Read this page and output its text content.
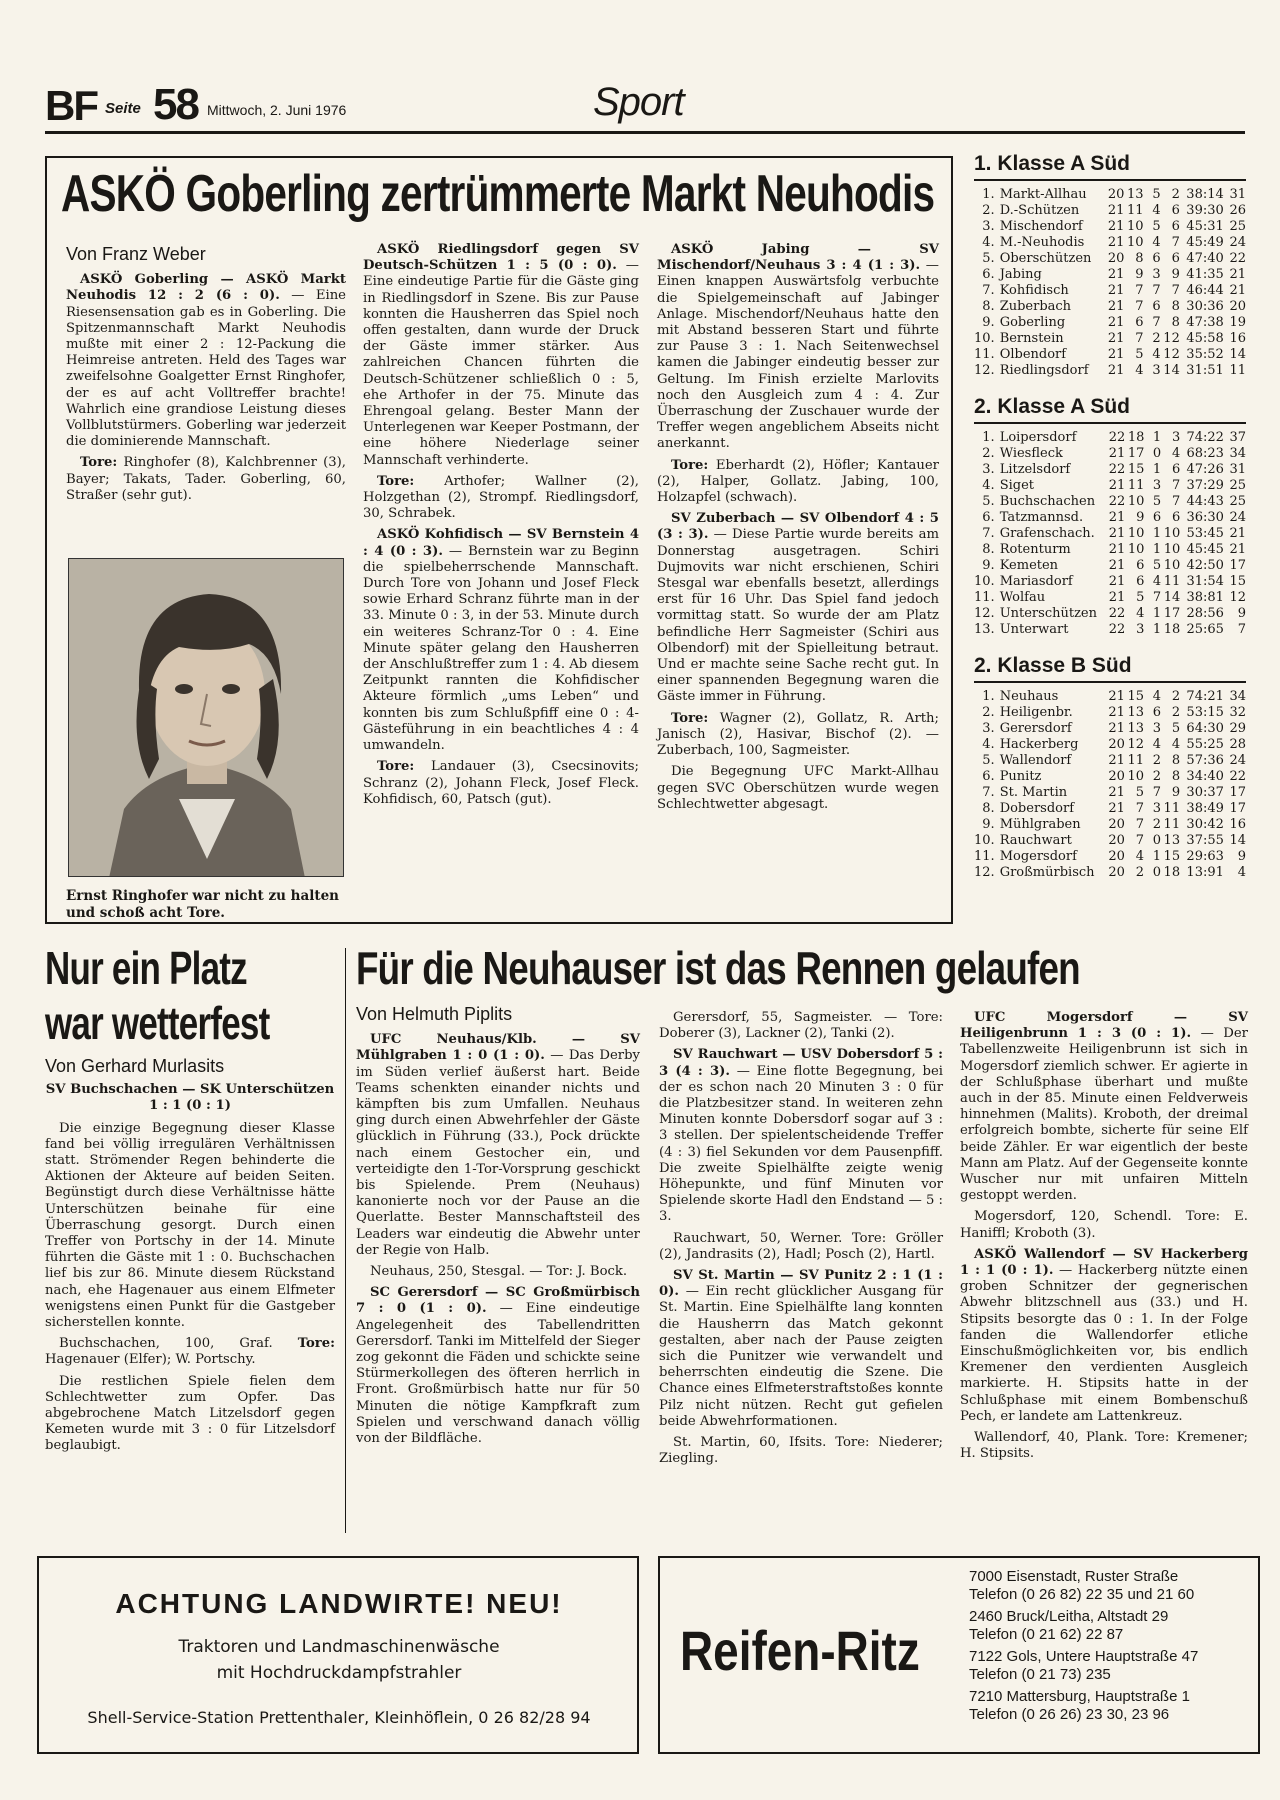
BF Seite 58 Mittwoch, 2. Juni 1976	Sport
ASKÖ Goberling zertrümmerte Markt Neuhodis
Von Franz Weber

ASKÖ Goberling — ASKÖ Markt Neuhodis 12 : 2 (6 : 0). — Eine Riesensensation gab es in Goberling. Die Spitzenmannschaft Markt Neuhodis mußte mit einer 2 : 12-Packung die Heimreise antreten. Held des Tages war zweifelsohne Goalgetter Ernst Ringhofer, der es auf acht Volltreffer brachte! Wahrlich eine grandiose Leistung dieses Vollblutstürmers. Goberling war jederzeit die dominierende Mannschaft.

Tore: Ringhofer (8), Kalchbrenner (3), Bayer; Takats, Tader. Goberling, 60, Straßer (sehr gut).

Ernst Ringhofer war nicht zu halten und schoß acht Tore.

ASKÖ Riedlingsdorf gegen SV Deutsch-Schützen 1 : 5 (0 : 0). — Eine eindeutige Partie für die Gäste ging in Riedlingsdorf in Szene. Bis zur Pause konnten die Hausherren das Spiel noch offen gestalten, dann wurde der Druck der Gäste immer stärker. Aus zahlreichen Chancen führten die Deutsch-Schützener schließlich 0 : 5, ehe Arthofer in der 75. Minute das Ehrengoal gelang. Bester Mann der Unterlegenen war Keeper Postmann, der eine höhere Niederlage seiner Mannschaft verhinderte.

Tore: Arthofer; Wallner (2), Holzgethan (2), Strompf. Riedlingsdorf, 30, Schrabek.

ASKÖ Kohfidisch — SV Bernstein 4 : 4 (0 : 3). — Bernstein war zu Beginn die spielbeherrschende Mannschaft. Durch Tore von Johann und Josef Fleck sowie Erhard Schranz führte man in der 33. Minute 0 : 3, in der 53. Minute durch ein weiteres Schranz-Tor 0 : 4. Eine Minute später gelang den Hausherren der Anschlußtreffer zum 1 : 4. Ab diesem Zeitpunkt rannten die Kohfidischer Akteure förmlich „ums Leben“ und konnten bis zum Schlußpfiff eine 0 : 4-Gästeführung in ein beachtliches 4 : 4 umwandeln.

Tore: Landauer (3), Csecsinovits; Schranz (2), Johann Fleck, Josef Fleck. Kohfidisch, 60, Patsch (gut).

ASKÖ Jabing — SV Mischendorf/Neuhaus 3 : 4 (1 : 3). — Einen knappen Auswärtsfolg verbuchte die Spielgemeinschaft auf Jabinger Anlage. Mischendorf/Neuhaus hatte den mit Abstand besseren Start und führte zur Pause 3 : 1. Nach Seitenwechsel kamen die Jabinger eindeutig besser zur Geltung. Im Finish erzielte Marlovits noch den Ausgleich zum 4 : 4. Zur Überraschung der Zuschauer wurde der Treffer wegen angeblichem Abseits nicht anerkannt.

Tore: Eberhardt (2), Höfler; Kantauer (2), Halper, Gollatz. Jabing, 100, Holzapfel (schwach).

SV Zuberbach — SV Olbendorf 4 : 5 (3 : 3). — Diese Partie wurde bereits am Donnerstag ausgetragen. Schiri Dujmovits war nicht erschienen, Schiri Stesgal war ebenfalls besetzt, allerdings erst für 16 Uhr. Das Spiel fand jedoch vormittag statt. So wurde der am Platz befindliche Herr Sagmeister (Schiri aus Olbendorf) mit der Spielleitung betraut. Und er machte seine Sache recht gut. In einer spannenden Begegnung waren die Gäste immer in Führung.

Tore: Wagner (2), Gollatz, R. Arth; Janisch (2), Hasivar, Bischof (2). — Zuberbach, 100, Sagmeister.

Die Begegnung UFC Markt-Allhau gegen SVC Oberschützen wurde wegen Schlechtwetter abgesagt.

1. Klasse A Süd
1.	Markt-Allhau	20	13	5	2	38:14	31
2.	D.-Schützen	21	11	4	6	39:30	26
3.	Mischendorf	21	10	5	6	45:31	25
4.	M.-Neuhodis	21	10	4	7	45:49	24
5.	Oberschützen	20	8	6	6	47:40	22
6.	Jabing	21	9	3	9	41:35	21
7.	Kohfidisch	21	7	7	7	46:44	21
8.	Zuberbach	21	7	6	8	30:36	20
9.	Goberling	21	6	7	8	47:38	19
10.	Bernstein	21	7	2	12	45:58	16
11.	Olbendorf	21	5	4	12	35:52	14
12.	Riedlingsdorf	21	4	3	14	31:51	11
2. Klasse A Süd
1.	Loipersdorf	22	18	1	3	74:22	37
2.	Wiesfleck	21	17	0	4	68:23	34
3.	Litzelsdorf	22	15	1	6	47:26	31
4.	Siget	21	11	3	7	37:29	25
5.	Buchschachen	22	10	5	7	44:43	25
6.	Tatzmannsd.	21	9	6	6	36:30	24
7.	Grafenschach.	21	10	1	10	53:45	21
8.	Rotenturm	21	10	1	10	45:45	21
9.	Kemeten	21	6	5	10	42:50	17
10.	Mariasdorf	21	6	4	11	31:54	15
11.	Wolfau	21	5	7	14	38:81	12
12.	Unterschützen	22	4	1	17	28:56	9
13.	Unterwart	22	3	1	18	25:65	7
2. Klasse B Süd
1.	Neuhaus	21	15	4	2	74:21	34
2.	Heiligenbr.	21	13	6	2	53:15	32
3.	Gerersdorf	21	13	3	5	64:30	29
4.	Hackerberg	20	12	4	4	55:25	28
5.	Wallendorf	21	11	2	8	57:36	24
6.	Punitz	20	10	2	8	34:40	22
7.	St. Martin	21	5	7	9	30:37	17
8.	Dobersdorf	21	7	3	11	38:49	17
9.	Mühlgraben	20	7	2	11	30:42	16
10.	Rauchwart	20	7	0	13	37:55	14
11.	Mogersdorf	20	4	1	15	29:63	9
12.	Großmürbisch	20	2	0	18	13:91	4
Nur ein Platz
war wetterfest
Von Gerhard Murlasits

SV Buchschachen — SK Unterschützen 1 : 1 (0 : 1)

Die einzige Begegnung dieser Klasse fand bei völlig irregulären Verhältnissen statt. Strömender Regen behinderte die Aktionen der Akteure auf beiden Seiten. Begünstigt durch diese Verhältnisse hätte Unterschützen beinahe für eine Überraschung gesorgt. Durch einen Treffer von Portschy in der 14. Minute führten die Gäste mit 1 : 0. Buchschachen lief bis zur 86. Minute diesem Rückstand nach, ehe Hagenauer aus einem Elfmeter wenigstens einen Punkt für die Gastgeber sicherstellen konnte.

Buchschachen, 100, Graf. Tore: Hagenauer (Elfer); W. Portschy.

Die restlichen Spiele fielen dem Schlechtwetter zum Opfer. Das abgebrochene Match Litzelsdorf gegen Kemeten wurde mit 3 : 0 für Litzelsdorf beglaubigt.

Für die Neuhauser ist das Rennen gelaufen
Von Helmuth Piplits

UFC Neuhaus/Klb. — SV Mühlgraben 1 : 0 (1 : 0). — Das Derby im Süden verlief äußerst hart. Beide Teams schenkten einander nichts und kämpften bis zum Umfallen. Neuhaus ging durch einen Abwehrfehler der Gäste glücklich in Führung (33.), Pock drückte nach einem Gestocher ein, und verteidigte den 1-Tor-Vorsprung geschickt bis Spielende. Prem (Neuhaus) kanonierte noch vor der Pause an die Querlatte. Bester Mannschaftsteil des Leaders war eindeutig die Abwehr unter der Regie von Halb.

Neuhaus, 250, Stesgal. — Tor: J. Bock.

SC Gerersdorf — SC Großmürbisch 7 : 0 (1 : 0). — Eine eindeutige Angelegenheit des Tabellendritten Gerersdorf. Tanki im Mittelfeld der Sieger zog gekonnt die Fäden und schickte seine Stürmerkollegen des öfteren herrlich in Front. Großmürbisch hatte nur für 50 Minuten die nötige Kampfkraft zum Spielen und verschwand danach völlig von der Bildfläche.

Gerersdorf, 55, Sagmeister. — Tore: Doberer (3), Lackner (2), Tanki (2).

SV Rauchwart — USV Dobersdorf 5 : 3 (4 : 3). — Eine flotte Begegnung, bei der es schon nach 20 Minuten 3 : 0 für die Platzbesitzer stand. In weiteren zehn Minuten konnte Dobersdorf sogar auf 3 : 3 stellen. Der spielentscheidende Treffer (4 : 3) fiel Sekunden vor dem Pausenpfiff. Die zweite Spielhälfte zeigte wenig Höhepunkte, und fünf Minuten vor Spielende skorte Hadl den Endstand — 5 : 3.

Rauchwart, 50, Werner. Tore: Gröller (2), Jandrasits (2), Hadl; Posch (2), Hartl.

SV St. Martin — SV Punitz 2 : 1 (1 : 0). — Ein recht glücklicher Ausgang für St. Martin. Eine Spielhälfte lang konnten die Hausherrn das Match gekonnt gestalten, aber nach der Pause zeigten sich die Punitzer wie verwandelt und beherrschten eindeutig die Szene. Die Chance eines Elfmeterstraftstoßes konnte Pilz nicht nützen. Recht gut gefielen beide Abwehrformationen.

St. Martin, 60, Ifsits. Tore: Niederer; Ziegling.

UFC Mogersdorf — SV Heiligenbrunn 1 : 3 (0 : 1). — Der Tabellenzweite Heiligenbrunn ist sich in Mogersdorf ziemlich schwer. Er agierte in der Schlußphase überhart und mußte auch in der 85. Minute einen Feldverweis hinnehmen (Malits). Kroboth, der dreimal erfolgreich bombte, sicherte für seine Elf beide Zähler. Er war eigentlich der beste Mann am Platz. Auf der Gegenseite konnte Wuscher nur mit unfairen Mitteln gestoppt werden.

Mogersdorf, 120, Schendl. Tore: E. Haniffl; Kroboth (3).

ASKÖ Wallendorf — SV Hackerberg 1 : 1 (0 : 1). — Hackerberg nützte einen groben Schnitzer der gegnerischen Abwehr blitzschnell aus (33.) und H. Stipsits besorgte das 0 : 1. In der Folge fanden die Wallendorfer etliche Einschußmöglichkeiten vor, bis endlich Kremener den verdienten Ausgleich markierte. H. Stipsits hatte in der Schlußphase mit einem Bombenschuß Pech, er landete am Lattenkreuz.

Wallendorf, 40, Plank. Tore: Kremener; H. Stipsits.

ACHTUNG LANDWIRTE! NEU!
Traktoren und Landmaschinenwäsche
mit Hochdruckdampfstrahler
Shell-Service-Station Prettenthaler, Kleinhöflein, 0 26 82/28 94
Reifen-Ritz
7000 Eisenstadt, Ruster Straße
Telefon (0 26 82) 22 35 und 21 60
2460 Bruck/Leitha, Altstadt 29
Telefon (0 21 62) 22 87
7122 Gols, Untere Hauptstraße 47
Telefon (0 21 73) 235
7210 Mattersburg, Hauptstraße 1
Telefon (0 26 26) 23 30, 23 96
